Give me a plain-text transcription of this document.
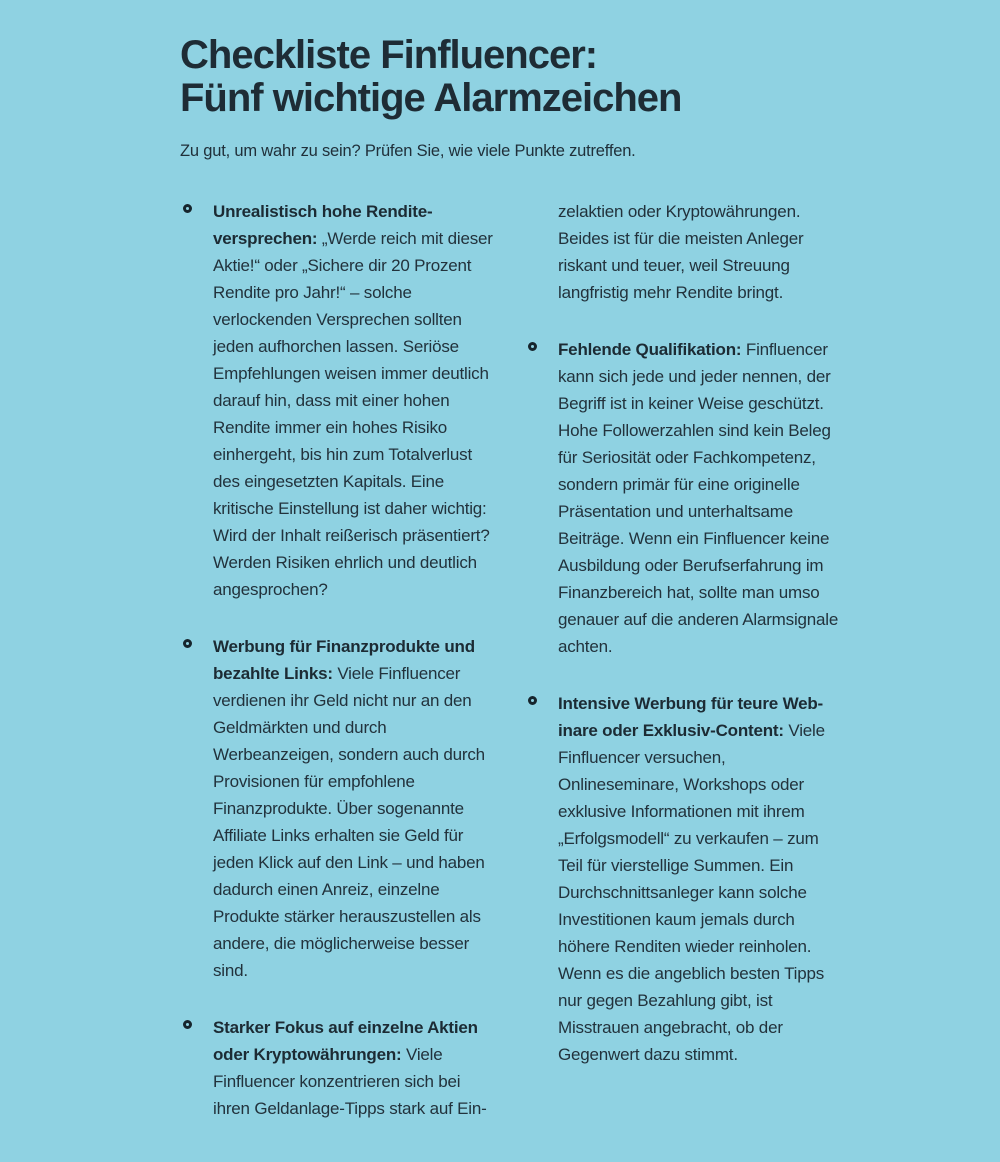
Checkliste Finfluencer:
Fünf wichtige Alarmzeichen

Zu gut, um wahr zu sein? Prüfen Sie, wie viele Punkte zutreffen.

Unrealistisch hohe Renditeversprechen: „Werde reich mit dieser Aktie!“ oder „Sichere dir 20 Prozent Rendite pro Jahr!“ – solche verlockenden Versprechen sollten jeden aufhorchen lassen. Seriöse Empfehlungen weisen immer deutlich darauf hin, dass mit einer hohen Rendite immer ein hohes Risiko einhergeht, bis hin zum Totalverlust des eingesetzten Kapitals. Eine kritische Einstellung ist daher wichtig: Wird der Inhalt reißerisch präsentiert? Werden Risiken ehrlich und deutlich angesprochen?

Werbung für Finanzprodukte und bezahlte Links: Viele Finfluencer verdienen ihr Geld nicht nur an den Geldmärkten und durch Werbeanzeigen, sondern auch durch Provisionen für empfohlene Finanzprodukte. Über sogenannte Affiliate Links erhalten sie Geld für jeden Klick auf den Link – und haben dadurch einen Anreiz, einzelne Produkte stärker herauszustellen als andere, die möglicherweise besser sind.

Starker Fokus auf einzelne Aktien oder Kryptowährungen: Viele Finfluencer konzentrieren sich bei ihren Geldanlage-Tipps stark auf Ein-

zelaktien oder Kryptowährungen. Beides ist für die meisten Anleger riskant und teuer, weil Streuung langfristig mehr Rendite bringt.

Fehlende Qualifikation: Finfluencer kann sich jede und jeder nennen, der Begriff ist in keiner Weise geschützt. Hohe Followerzahlen sind kein Beleg für Seriosität oder Fachkompetenz, sondern primär für eine originelle Präsentation und unterhaltsame Beiträge. Wenn ein Finfluencer keine Ausbildung oder Berufserfahrung im Finanzbereich hat, sollte man umso genauer auf die anderen Alarmsignale achten.

Intensive Werbung für teure Webinare oder Exklusiv-Content: Viele Finfluencer versuchen, Onlineseminare, Workshops oder exklusive Informationen mit ihrem „Erfolgsmodell“ zu verkaufen – zum Teil für vierstellige Summen. Ein Durchschnittsanleger kann solche Investitionen kaum jemals durch höhere Renditen wieder reinholen. Wenn es die angeblich besten Tipps nur gegen Bezahlung gibt, ist Misstrauen angebracht, ob der Gegenwert dazu stimmt.
